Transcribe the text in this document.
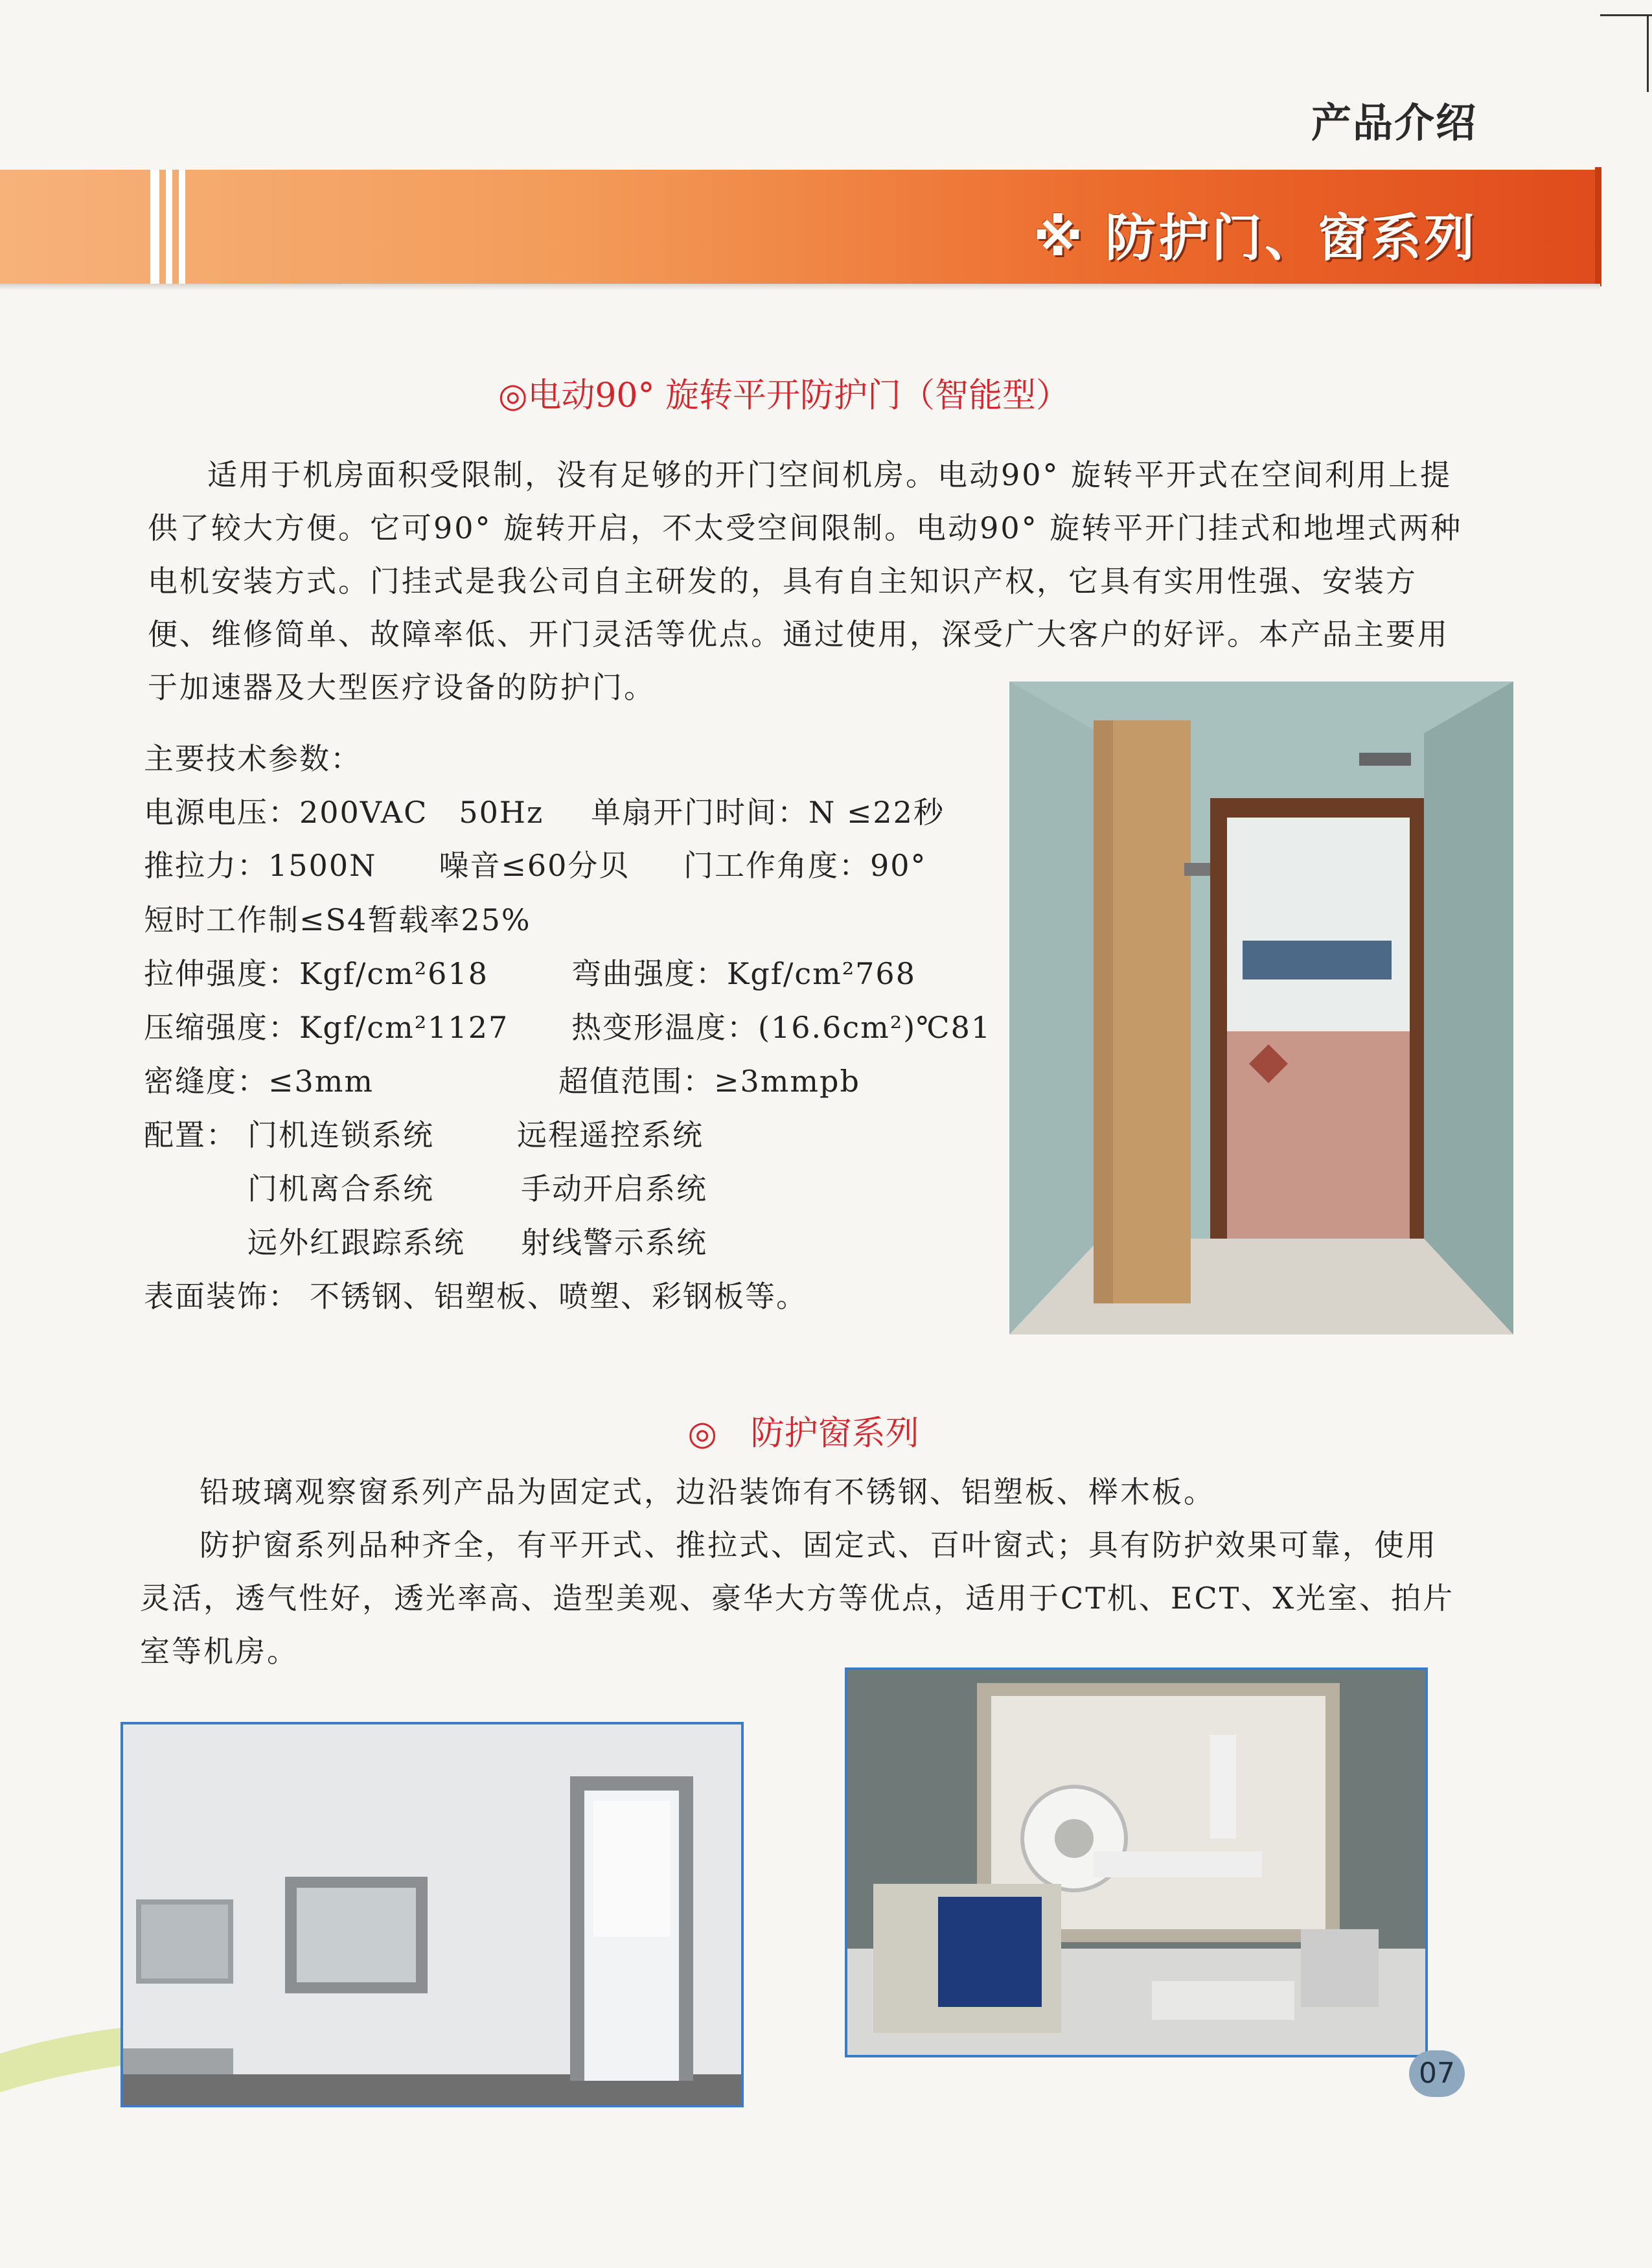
产品介绍
※ 防护门、窗系列
◎电动90° 旋转平开防护门（智能型）

适用于机房面积受限制，没有足够的开门空间机房。电动90° 旋转平开式在空间利用上提供了较大方便。它可90° 旋转开启，不太受空间限制。电动90° 旋转平开门挂式和地埋式两种电机安装方式。门挂式是我公司自主研发的，具有自主知识产权，它具有实用性强、安装方便、维修简单、故障率低、开门灵活等优点。通过使用，深受广大客户的好评。本产品主要用于加速器及大型医疗设备的防护门。

主要技术参数：
电源电压：200VAC　50Hz 单扇开门时间：N ≤22秒
推拉力：1500N　　噪音≤60分贝 门工作角度：90°
短时工作制≤S4暂载率25%
拉伸强度：Kgf/cm²618	弯曲强度：Kgf/cm²768
压缩强度：Kgf/cm²1127 热变形温度：(16.6cm²)℃81
密缝度：≤3mm	超值范围：≥3mmpb
配置： 门机连锁系统	远程遥控系统
门机离合系统	手动开启系统
远外红跟踪系统 射线警示系统
表面装饰： 不锈钢、铝塑板、喷塑、彩钢板等。
◎　防护窗系列

铅玻璃观察窗系列产品为固定式，边沿装饰有不锈钢、铝塑板、榉木板。

防护窗系列品种齐全，有平开式、推拉式、固定式、百叶窗式；具有防护效果可靠，使用灵活，透气性好，透光率高、造型美观、豪华大方等优点，适用于CT机、ECT、X光室、拍片室等机房。

07
